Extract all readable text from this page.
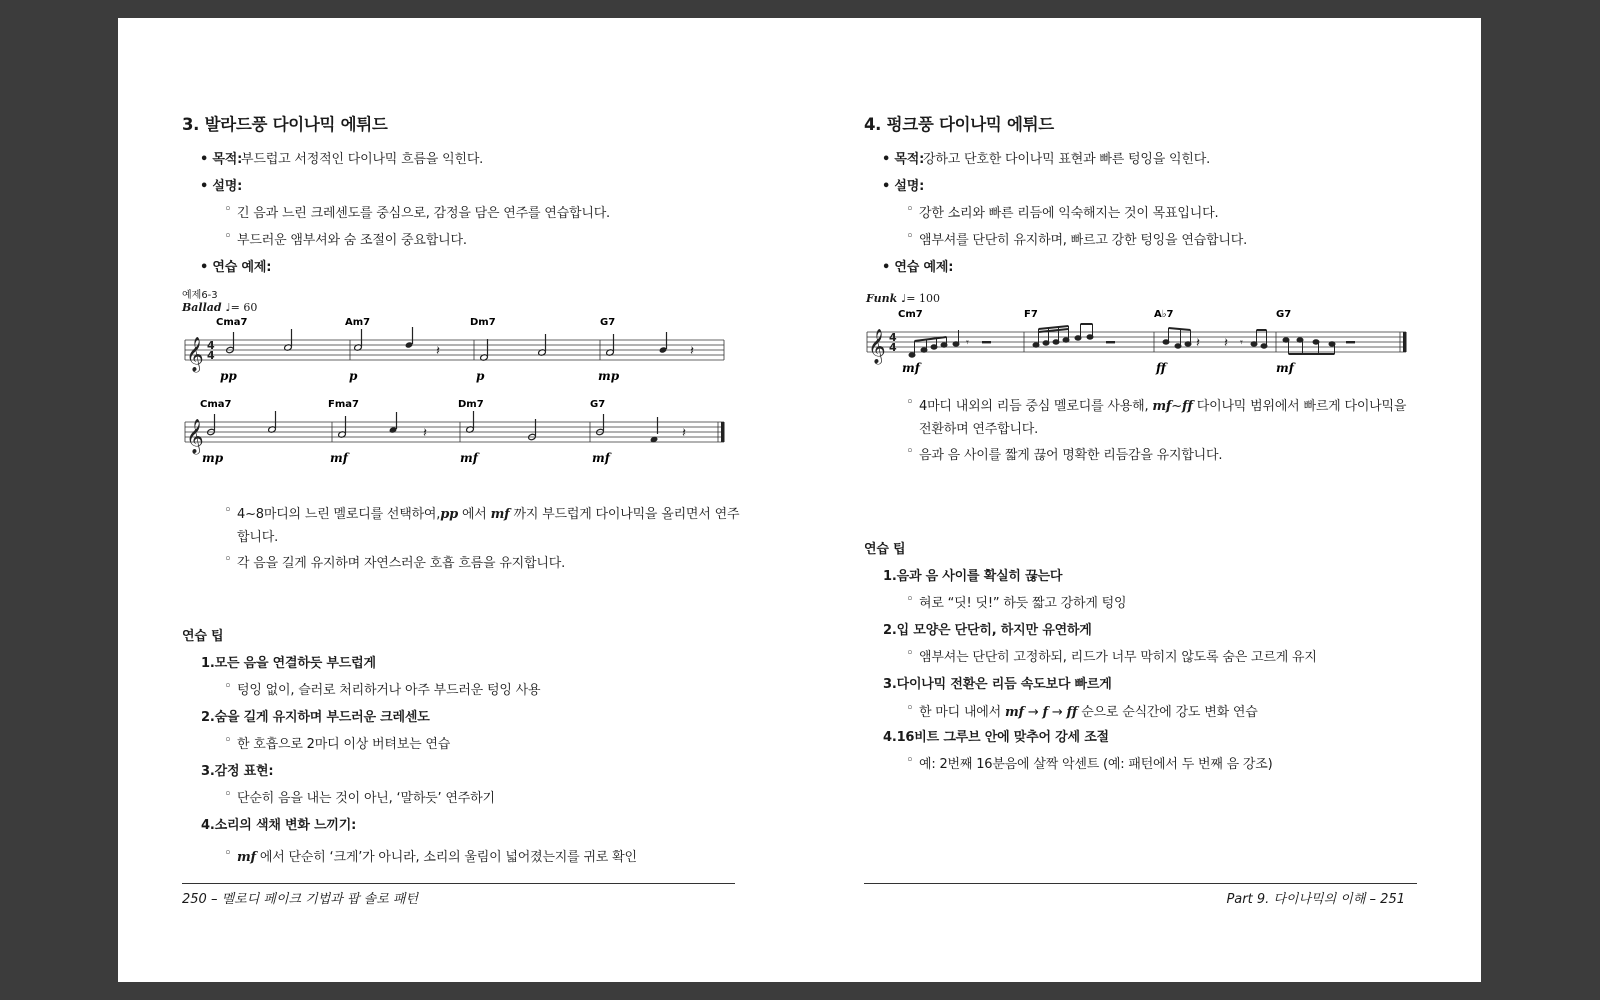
3. 발라드풍 다이나믹 에튀드
• 목적:
부드럽고 서정적인 다이나믹 흐름을 익힌다.
• 설명:
◦ 긴 음과 느린 크레센도를 중심으로, 감정을 담은 연주를 연습합니다.
◦ 부드러운 앰부셔와 숨 조절이 중요합니다.
• 연습 예제:
예제6-3
Ballad ♩= 60
𝄞 4
4	𝄽	𝄽
Cma7	Am7	Dm7	G7
pp	p	p	mp
𝄞	𝄽	𝄽
Cma7	Fma7	Dm7	G7
mp	mf	mf	mf
◦ 4~8마디의 느린 멜로디를 선택하여,pp 에서 mf 까지 부드럽게 다이나믹을 올리면서 연주
합니다.
◦ 각 음을 길게 유지하며 자연스러운 호흡 흐름을 유지합니다.
연습 팁
1.모든 음을 연결하듯 부드럽게
◦ 텅잉 없이, 슬러로 처리하거나 아주 부드러운 텅잉 사용
2.숨을 길게 유지하며 부드러운 크레센도
◦ 한 호흡으로 2마디 이상 버텨보는 연습
3.감정 표현:
◦ 단순히 음을 내는 것이 아닌, ‘말하듯’ 연주하기
4.소리의 색채 변화 느끼기:
◦ mf 에서 단순히 ‘크게’가 아니라, 소리의 울림이 넓어졌는지를 귀로 확인
250 – 멜로디 페이크 기법과 팝 솔로 패턴
4. 펑크풍 다이나믹 에튀드
• 목적:
강하고 단호한 다이나믹 표현과 빠른 텅잉을 익힌다.
• 설명:
◦ 강한 소리와 빠른 리듬에 익숙해지는 것이 목표입니다.
◦ 앰부셔를 단단히 유지하며, 빠르고 강한 텅잉을 연습합니다.
• 연습 예제:
Funk ♩= 100
𝄞 4
4	𝄾	𝄽 𝄽 𝄾
Cm7	F7	A♭7	G7
mf	ff	mf
◦ 4마디 내외의 리듬 중심 멜로디를 사용해, mf~ff 다이나믹 범위에서 빠르게 다이나믹을
전환하며 연주합니다.
◦ 음과 음 사이를 짧게 끊어 명확한 리듬감을 유지합니다.
연습 팁
1.음과 음 사이를 확실히 끊는다
◦ 혀로 “딧! 딧!” 하듯 짧고 강하게 텅잉
2.입 모양은 단단히, 하지만 유연하게
◦ 앰부셔는 단단히 고정하되, 리드가 너무 막히지 않도록 숨은 고르게 유지
3.다이나믹 전환은 리듬 속도보다 빠르게
◦ 한 마디 내에서 mf → f → ff 순으로 순식간에 강도 변화 연습
4.16비트 그루브 안에 맞추어 강세 조절
◦ 예: 2번째 16분음에 살짝 악센트 (예: 패턴에서 두 번째 음 강조)
Part 9. 다이나믹의 이해 – 251
